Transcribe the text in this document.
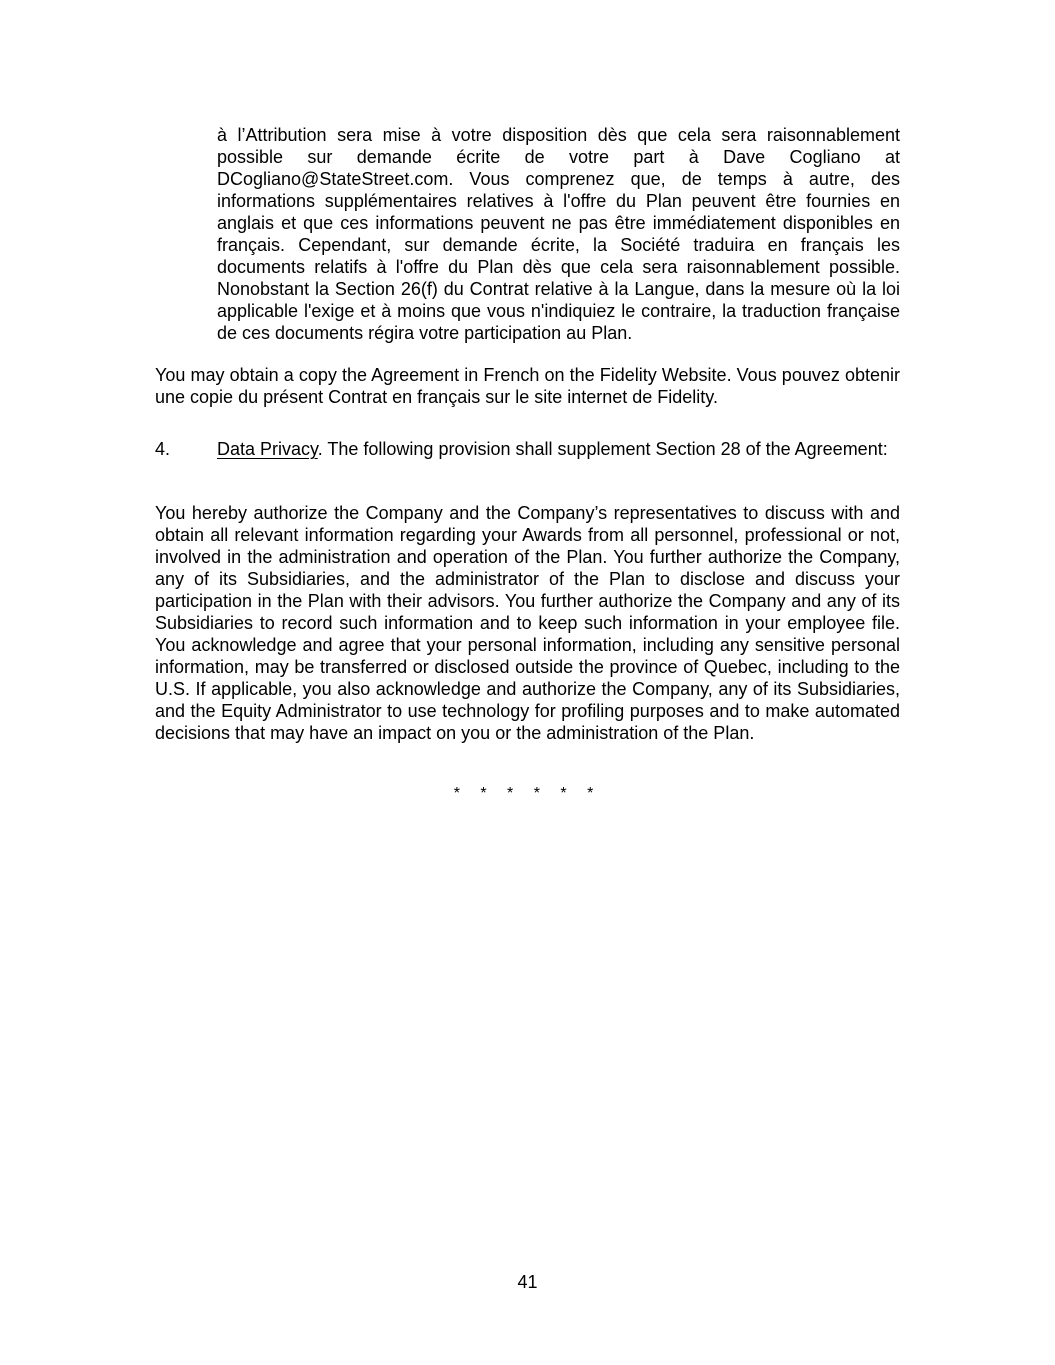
à l’Attribution sera mise à votre disposition dès que cela sera raisonnablement possible sur demande écrite de votre part à Dave Cogliano at DCogliano@StateStreet.com. Vous comprenez que, de temps à autre, des informations supplémentaires relatives à l'offre du Plan peuvent être fournies en anglais et que ces informations peuvent ne pas être immédiatement disponibles en français. Cependant, sur demande écrite, la Société traduira en français les documents relatifs à l'offre du Plan dès que cela sera raisonnablement possible. Nonobstant la Section 26(f) du Contrat relative à la Langue, dans la mesure où la loi applicable l'exige et à moins que vous n'indiquiez le contraire, la traduction française de ces documents régira votre participation au Plan.

You may obtain a copy the Agreement in French on the Fidelity Website. Vous pouvez obtenir une copie du présent Contrat en français sur le site internet de Fidelity.

4.	Data Privacy. The following provision shall supplement Section 28 of the Agreement:

You hereby authorize the Company and the Company’s representatives to discuss with and obtain all relevant information regarding your Awards from all personnel, professional or not, involved in the administration and operation of the Plan. You further authorize the Company, any of its Subsidiaries, and the administrator of the Plan to disclose and discuss your participation in the Plan with their advisors. You further authorize the Company and any of its Subsidiaries to record such information and to keep such information in your employee file. You acknowledge and agree that your personal information, including any sensitive personal information, may be transferred or disclosed outside the province of Quebec, including to the U.S. If applicable, you also acknowledge and authorize the Company, any of its Subsidiaries, and the Equity Administrator to use technology for profiling purposes and to make automated decisions that may have an impact on you or the administration of the Plan.

* * * * * *

41
